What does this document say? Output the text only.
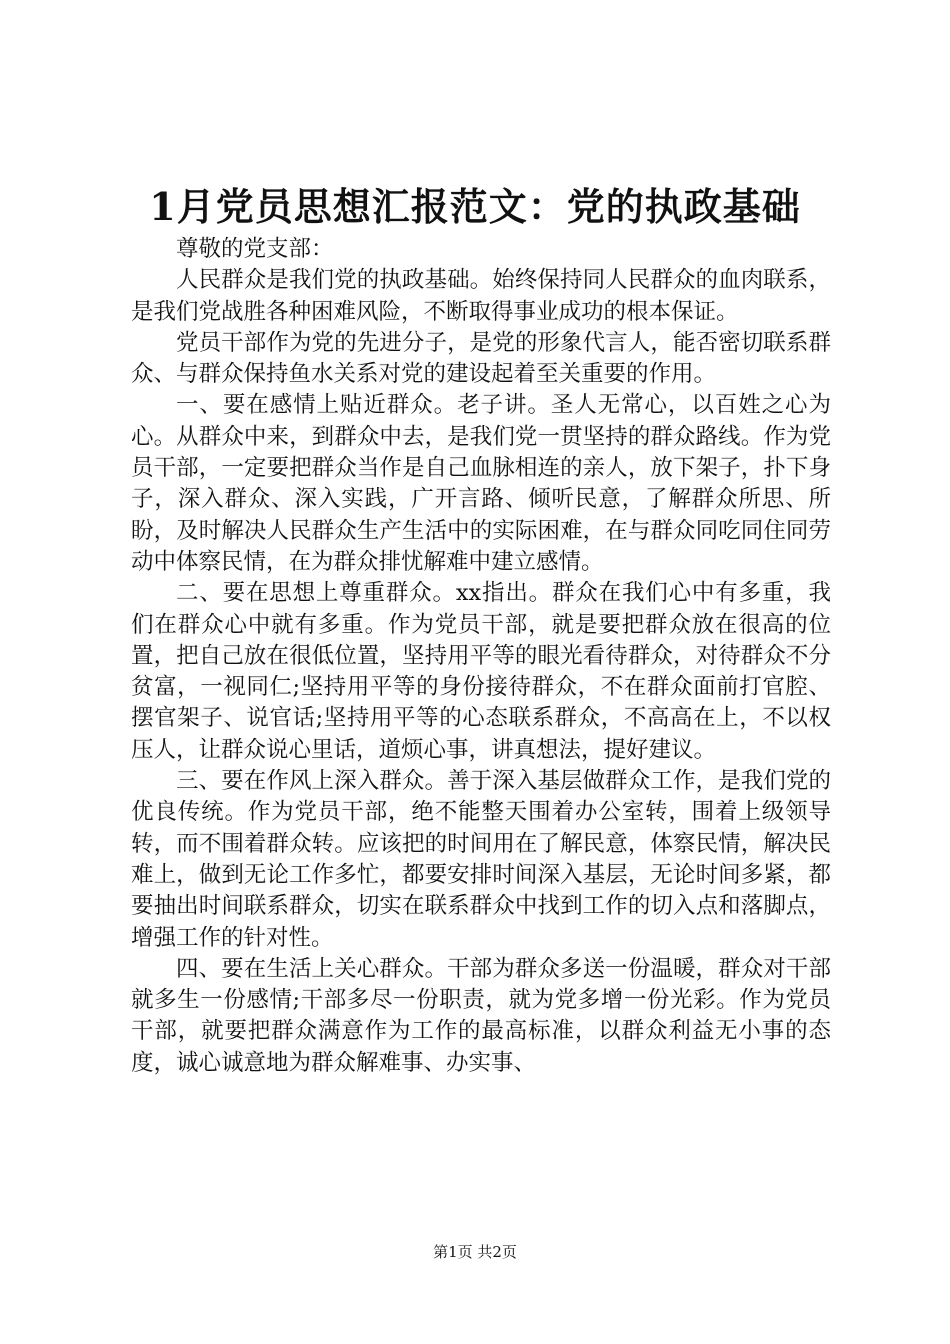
1月党员思想汇报范文：党的执政基础

尊敬的党支部：

人民群众是我们党的执政基础。始终保持同人民群众的血肉联系，是我们党战胜各种困难风险，不断取得事业成功的根本保证。

党员干部作为党的先进分子，是党的形象代言人，能否密切联系群众、与群众保持鱼水关系对党的建设起着至关重要的作用。

一、要在感情上贴近群众。老子讲。圣人无常心，以百姓之心为心。从群众中来，到群众中去，是我们党一贯坚持的群众路线。作为党员干部，一定要把群众当作是自己血脉相连的亲人，放下架子，扑下身子，深入群众、深入实践，广开言路、倾听民意，了解群众所思、所盼，及时解决人民群众生产生活中的实际困难，在与群众同吃同住同劳动中体察民情，在为群众排忧解难中建立感情。

二、要在思想上尊重群众。xx指出。群众在我们心中有多重，我们在群众心中就有多重。作为党员干部，就是要把群众放在很高的位置，把自己放在很低位置，坚持用平等的眼光看待群众，对待群众不分贫富，一视同仁;坚持用平等的身份接待群众，不在群众面前打官腔、摆官架子、说官话;坚持用平等的心态联系群众，不高高在上，不以权压人，让群众说心里话，道烦心事，讲真想法，提好建议。

三、要在作风上深入群众。善于深入基层做群众工作，是我们党的优良传统。作为党员干部，绝不能整天围着办公室转，围着上级领导转，而不围着群众转。应该把的时间用在了解民意，体察民情，解决民难上，做到无论工作多忙，都要安排时间深入基层，无论时间多紧，都要抽出时间联系群众，切实在联系群众中找到工作的切入点和落脚点，增强工作的针对性。

四、要在生活上关心群众。干部为群众多送一份温暖，群众对干部就多生一份感情;干部多尽一份职责，就为党多增一份光彩。作为党员干部，就要把群众满意作为工作的最高标准，以群众利益无小事的态度，诚心诚意地为群众解难事、办实事、

第1页 共2页
